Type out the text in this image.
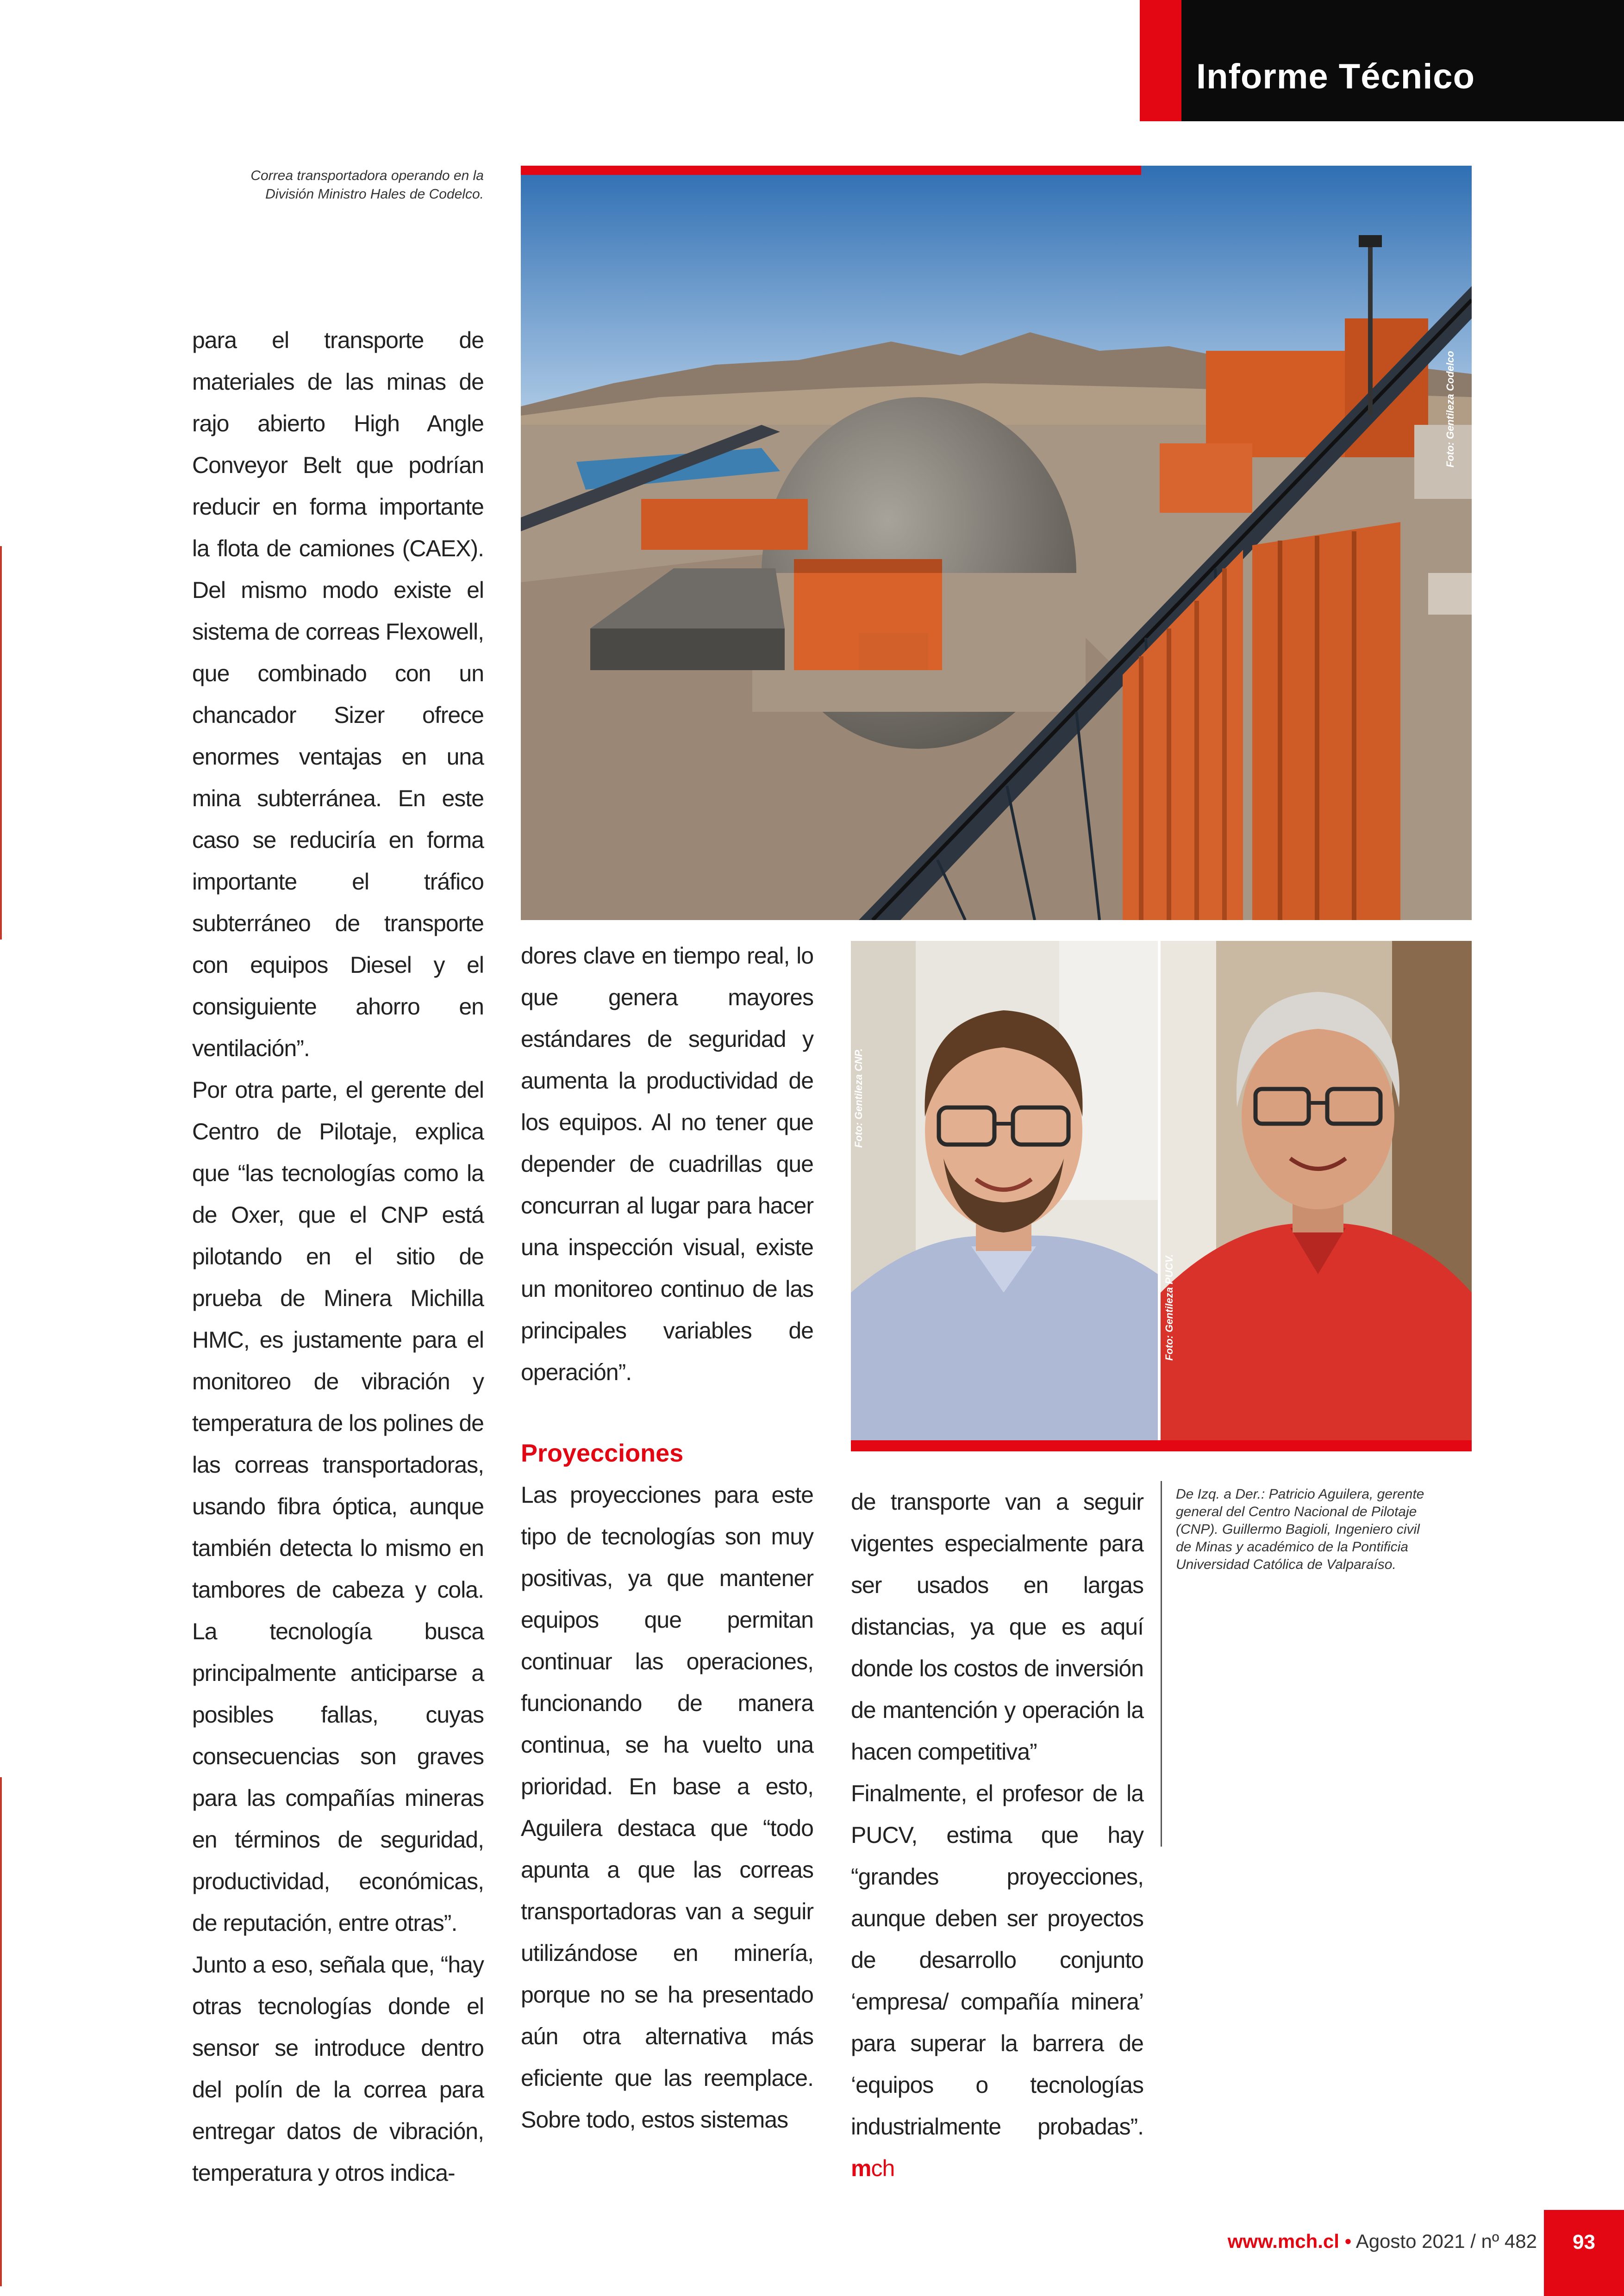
Informe Técnico
Correa transportadora operando en la División Ministro Hales de Codelco.
Foto: Gentileza Codelco
Foto: Gentileza CNP.
Foto: Gentileza PUCV.

para el transporte de materiales de las minas de rajo abierto High Angle Conveyor Belt que podrían reducir en forma importante la flota de camiones (CAEX). Del mismo modo existe el sistema de correas Flexowell, que combinado con un chancador Sizer ofrece enormes ventajas en una mina subterránea. En este caso se reduciría en forma importante el tráfico subterráneo de transporte con equipos Diesel y el consiguiente ahorro en ventilación”.

Por otra parte, el gerente del Centro de Pilotaje, explica que “las tecnologías como la de Oxer, que el CNP está pilotando en el sitio de prueba de Minera Michilla HMC, es justamente para el monitoreo de vibración y temperatura de los polines de las correas transportadoras, usando fibra óptica, aunque también detecta lo mismo en tambores de cabeza y cola. La tecnología busca principalmente anticiparse a posibles fallas, cuyas consecuencias son graves para las compañías mineras en términos de seguridad, productividad, económicas, de reputación, entre otras”.

Junto a eso, señala que, “hay otras tecnologías donde el sensor se introduce dentro del polín de la correa para entregar datos de vibración, temperatura y otros indica-

dores clave en tiempo real, lo que genera mayores estándares de seguridad y aumenta la productividad de los equipos. Al no tener que depender de cuadrillas que concurran al lugar para hacer una inspección visual, existe un monitoreo continuo de las principales variables de operación”.

Proyecciones

Las proyecciones para este tipo de tecnologías son muy positivas, ya que mantener equipos que permitan continuar las operaciones, funcionando de manera continua, se ha vuelto una prioridad. En base a esto, Aguilera destaca que “todo apunta a que las correas transportadoras van a seguir utilizándose en minería, porque no se ha presentado aún otra alternativa más eficiente que las reemplace. Sobre todo, estos sistemas

de transporte van a seguir vigentes especialmente para ser usados en largas distancias, ya que es aquí donde los costos de inversión de mantención y operación la hacen competitiva”

Finalmente, el profesor de la PUCV, estima que hay “grandes proyecciones, aunque deben ser proyectos de desarrollo conjunto ‘empresa/ compañía minera’ para superar la barrera de ‘equipos o tecnologías industrialmente probadas”. mch

De Izq. a Der.: Patricio Aguilera, gerente general del Centro Nacional de Pilotaje (CNP). Guillermo Bagioli, Ingeniero civil de Minas y académico de la Pontificia Universidad Católica de Valparaíso.
www.mch.cl • Agosto 2021 / nº 482	93
